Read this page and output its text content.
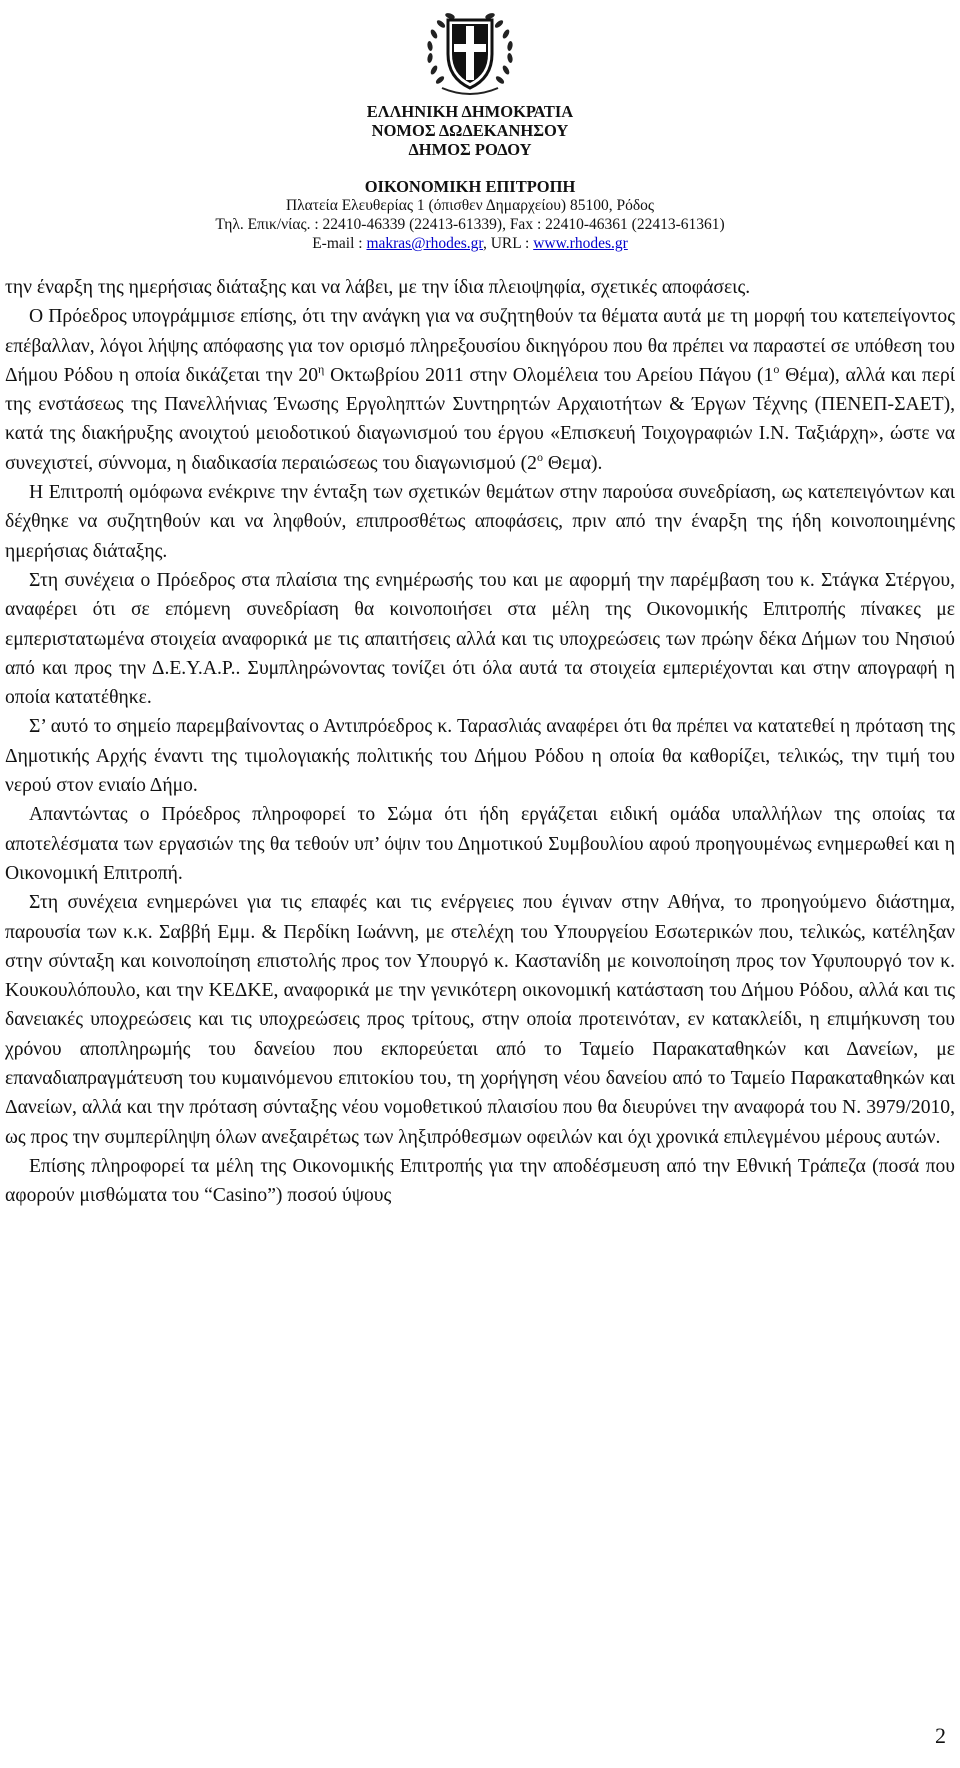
ΕΛΛΗΝΙΚΗ ΔΗΜΟΚΡΑΤΙΑ
ΝΟΜΟΣ ΔΩΔΕΚΑΝΗΣΟΥ
ΔΗΜΟΣ ΡΟΔΟΥ
ΟΙΚΟΝΟΜΙΚΗ ΕΠΙΤΡΟΠΗ
Πλατεία Ελευθερίας 1 (όπισθεν Δημαρχείου) 85100, Ρόδος
Τηλ. Επικ/νίας. : 22410-46339 (22413-61339), Fax : 22410-46361 (22413-61361)
E-mail : makras@rhodes.gr, URL : www.rhodes.gr

την έναρξη της ημερήσιας διάταξης και να λάβει, με την ίδια πλειοψηφία, σχετικές αποφάσεις.

Ο Πρόεδρος υπογράμμισε επίσης, ότι την ανάγκη για να συζητηθούν τα θέματα αυτά με τη μορφή του κατεπείγοντος επέβαλλαν, λόγοι λήψης απόφασης για τον ορισμό πληρεξουσίου δικηγόρου που θα πρέπει να παραστεί σε υπόθεση του Δήμου Ρόδου η οποία δικάζεται την $20^\eta$ Οκτωβρίου 2011 στην Ολομέλεια του Αρείου Πάγου ($1^o$ Θέμα), αλλά και περί της ενστάσεως της Πανελλήνιας Ένωσης Εργοληπτών Συντηρητών Αρχαιοτήτων & Έργων Τέχνης (ΠΕΝΕΠ-ΣΑΕΤ), κατά της διακήρυξης ανοιχτού μειοδοτικού διαγωνισμού του έργου «Επισκευή Τοιχογραφιών Ι.Ν. Ταξιάρχη», ώστε να συνεχιστεί, σύννομα, η διαδικασία περαιώσεως του διαγωνισμού ($2^o$ Θεμα).

Η Επιτροπή ομόφωνα ενέκρινε την ένταξη των σχετικών θεμάτων στην παρούσα συνεδρίαση, ως κατεπειγόντων και δέχθηκε να συζητηθούν και να ληφθούν, επιπροσθέτως αποφάσεις, πριν από την έναρξη της ήδη κοινοποιημένης ημερήσιας διάταξης.

Στη συνέχεια ο Πρόεδρος στα πλαίσια της ενημέρωσής του και με αφορμή την παρέμβαση του κ. Στάγκα Στέργου, αναφέρει ότι σε επόμενη συνεδρίαση θα κοινοποιήσει στα μέλη της Οικονομικής Επιτροπής πίνακες με εμπεριστατωμένα στοιχεία αναφορικά με τις απαιτήσεις αλλά και τις υποχρεώσεις των πρώην δέκα Δήμων του Νησιού από και προς την Δ.Ε.Υ.Α.Ρ.. Συμπληρώνοντας τονίζει ότι όλα αυτά τα στοιχεία εμπεριέχονται και στην απογραφή η οποία κατατέθηκε.

Σ’ αυτό το σημείο παρεμβαίνοντας ο Αντιπρόεδρος κ. Ταρασλιάς αναφέρει ότι θα πρέπει να κατατεθεί η πρόταση της Δημοτικής Αρχής έναντι της τιμολογιακής πολιτικής του Δήμου Ρόδου η οποία θα καθορίζει, τελικώς, την τιμή του νερού στον ενιαίο Δήμο.

Απαντώντας ο Πρόεδρος πληροφορεί το Σώμα ότι ήδη εργάζεται ειδική ομάδα υπαλλήλων της οποίας τα αποτελέσματα των εργασιών της θα τεθούν υπ’ όψιν του Δημοτικού Συμβουλίου αφού προηγουμένως ενημερωθεί και η Οικονομική Επιτροπή.

Στη συνέχεια ενημερώνει για τις επαφές και τις ενέργειες που έγιναν στην Αθήνα, το προηγούμενο διάστημα, παρουσία των κ.κ. Σαββή Εμμ. & Περδίκη Ιωάννη, με στελέχη του Υπουργείου Εσωτερικών που, τελικώς, κατέληξαν στην σύνταξη και κοινοποίηση επιστολής προς τον Υπουργό κ. Καστανίδη με κοινοποίηση προς τον Υφυπουργό τον κ. Κουκουλόπουλο, και την ΚΕΔΚΕ, αναφορικά με την γενικότερη οικονομική κατάσταση του Δήμου Ρόδου, αλλά και τις δανειακές υποχρεώσεις και τις υποχρεώσεις προς τρίτους, στην οποία προτεινόταν, εν κατακλείδι, η επιμήκυνση του χρόνου αποπληρωμής του δανείου που εκπορεύεται από το Ταμείο Παρακαταθηκών και Δανείων, με επαναδιαπραγμάτευση του κυμαινόμενου επιτοκίου του, τη χορήγηση νέου δανείου από το Ταμείο Παρακαταθηκών και Δανείων, αλλά και την πρόταση σύνταξης νέου νομοθετικού πλαισίου που θα διευρύνει την αναφορά του Ν. 3979/2010, ως προς την συμπερίληψη όλων ανεξαιρέτως των ληξιπρόθεσμων οφειλών και όχι χρονικά επιλεγμένου μέρους αυτών.

Επίσης πληροφορεί τα μέλη της Οικονομικής Επιτροπής για την αποδέσμευση από την Εθνική Τράπεζα (ποσά που αφορούν μισθώματα του “Casino”) ποσού ύψους

2
